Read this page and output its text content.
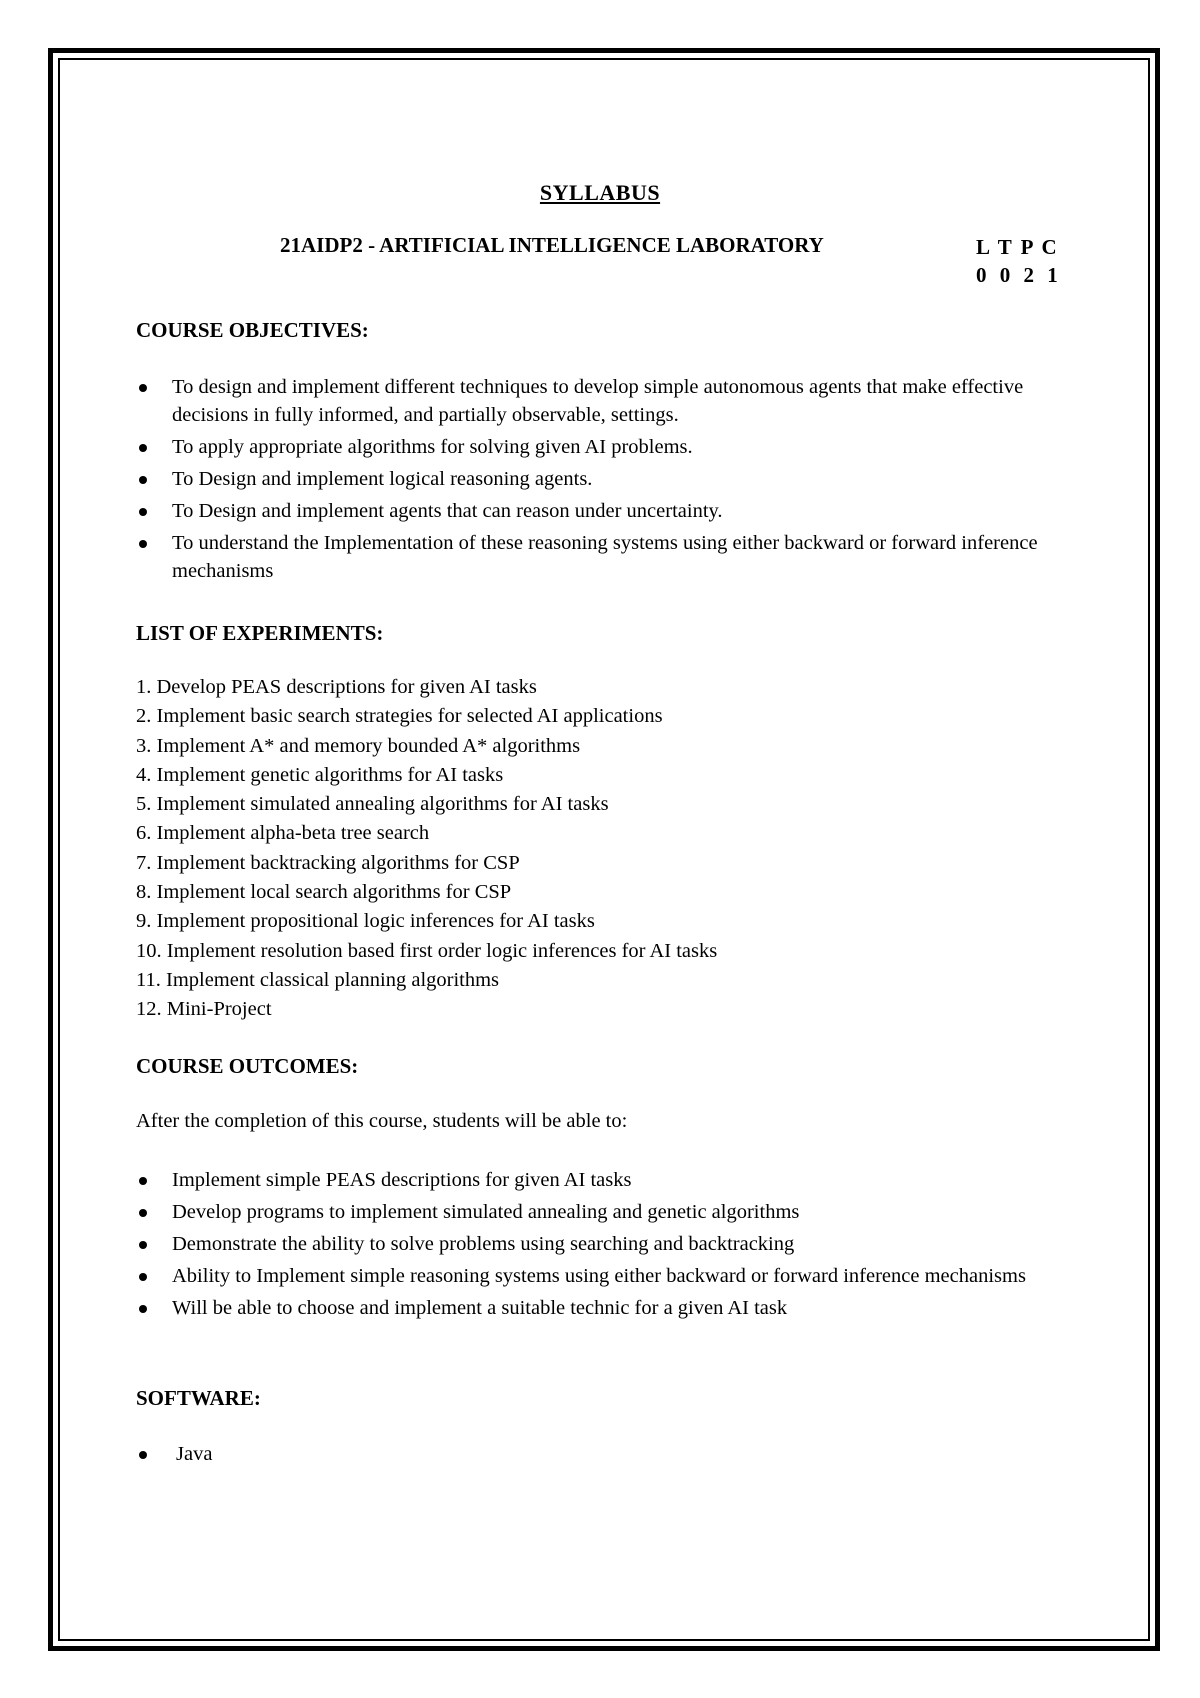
SYLLABUS
21AIDP2 - ARTIFICIAL INTELLIGENCE LABORATORY	L T P C
0 0 2 1
COURSE OBJECTIVES:
To design and implement different techniques to develop simple autonomous agents that make effective decisions in fully informed, and partially observable, settings.
To apply appropriate algorithms for solving given AI problems.
To Design and implement logical reasoning agents.
To Design and implement agents that can reason under uncertainty.
To understand the Implementation of these reasoning systems using either backward or forward inference mechanisms
LIST OF EXPERIMENTS:
1. Develop PEAS descriptions for given AI tasks
2. Implement basic search strategies for selected AI applications
3. Implement A* and memory bounded A* algorithms
4. Implement genetic algorithms for AI tasks
5. Implement simulated annealing algorithms for AI tasks
6. Implement alpha-beta tree search
7. Implement backtracking algorithms for CSP
8. Implement local search algorithms for CSP
9. Implement propositional logic inferences for AI tasks
10. Implement resolution based first order logic inferences for AI tasks
11. Implement classical planning algorithms
12. Mini-Project
COURSE OUTCOMES:
After the completion of this course, students will be able to:
Implement simple PEAS descriptions for given AI tasks
Develop programs to implement simulated annealing and genetic algorithms
Demonstrate the ability to solve problems using searching and backtracking
Ability to Implement simple reasoning systems using either backward or forward inference mechanisms
Will be able to choose and implement a suitable technic for a given AI task
SOFTWARE:
Java
